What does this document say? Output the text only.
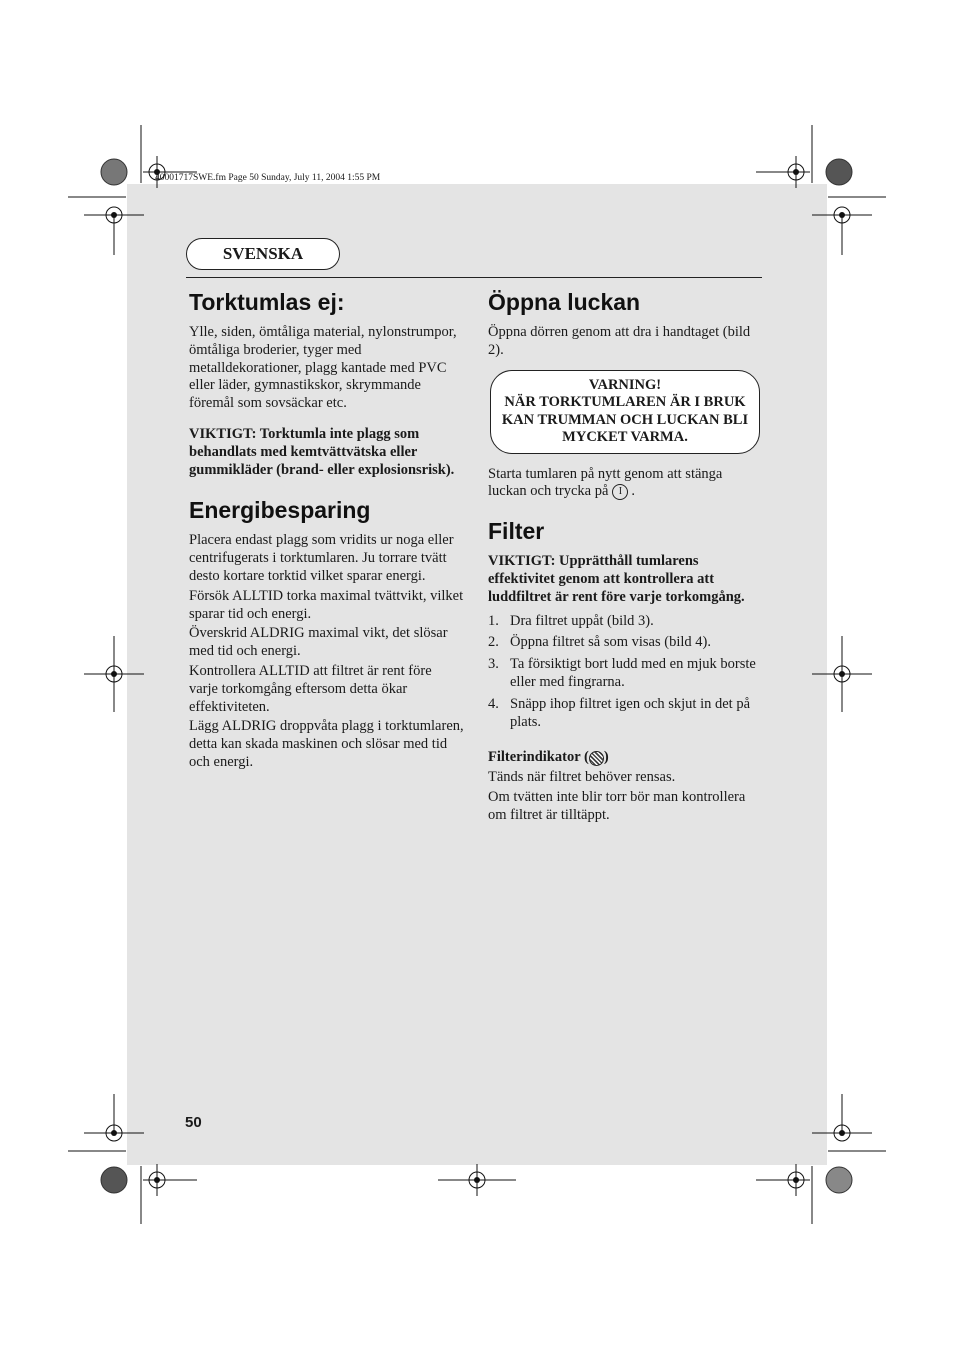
40001717SWE.fm Page 50 Sunday, July 11, 2004 1:55 PM
SVENSKA
Torktumlas ej:

Ylle, siden, ömtåliga material, nylonstrumpor, ömtåliga broderier, tyger med metalldekorationer, plagg kantade med PVC eller läder, gymnastikskor, skrymmande föremål som sovsäckar etc.

VIKTIGT: Torktumla inte plagg som behandlats med kemtvättvätska eller gummikläder (brand- eller explosionsrisk).

Energibesparing

Placera endast plagg som vridits ur noga eller centrifugerats i torktumlaren. Ju torrare tvätt desto kortare torktid vilket sparar energi.

Försök ALLTID torka maximal tvättvikt, vilket sparar tid och energi.

Överskrid ALDRIG maximal vikt, det slösar med tid och energi.

Kontrollera ALLTID att filtret är rent före varje torkomgång eftersom detta ökar effektiviteten.

Lägg ALDRIG droppvåta plagg i torktumlaren, detta kan skada maskinen och slösar med tid och energi.

Öppna luckan

Öppna dörren genom att dra i handtaget (bild 2).

VARNING!
NÄR TORKTUMLAREN ÄR I BRUK KAN TRUMMAN OCH LUCKAN BLI MYCKET VARMA.

Starta tumlaren på nytt genom att stänga luckan och trycka på I .

Filter

VIKTIGT: Upprätthåll tumlarens effektivitet genom att kontrollera att luddfiltret är rent före varje torkomgång.

1. Dra filtret uppåt (bild 3).
2. Öppna filtret så som visas (bild 4).
3. Ta försiktigt bort ludd med en mjuk borste eller med fingrarna.
4. Snäpp ihop filtret igen och skjut in det på plats.

Filterindikator ( )

Tänds när filtret behöver rensas.

Om tvätten inte blir torr bör man kontrollera om filtret är tilltäppt.

50
